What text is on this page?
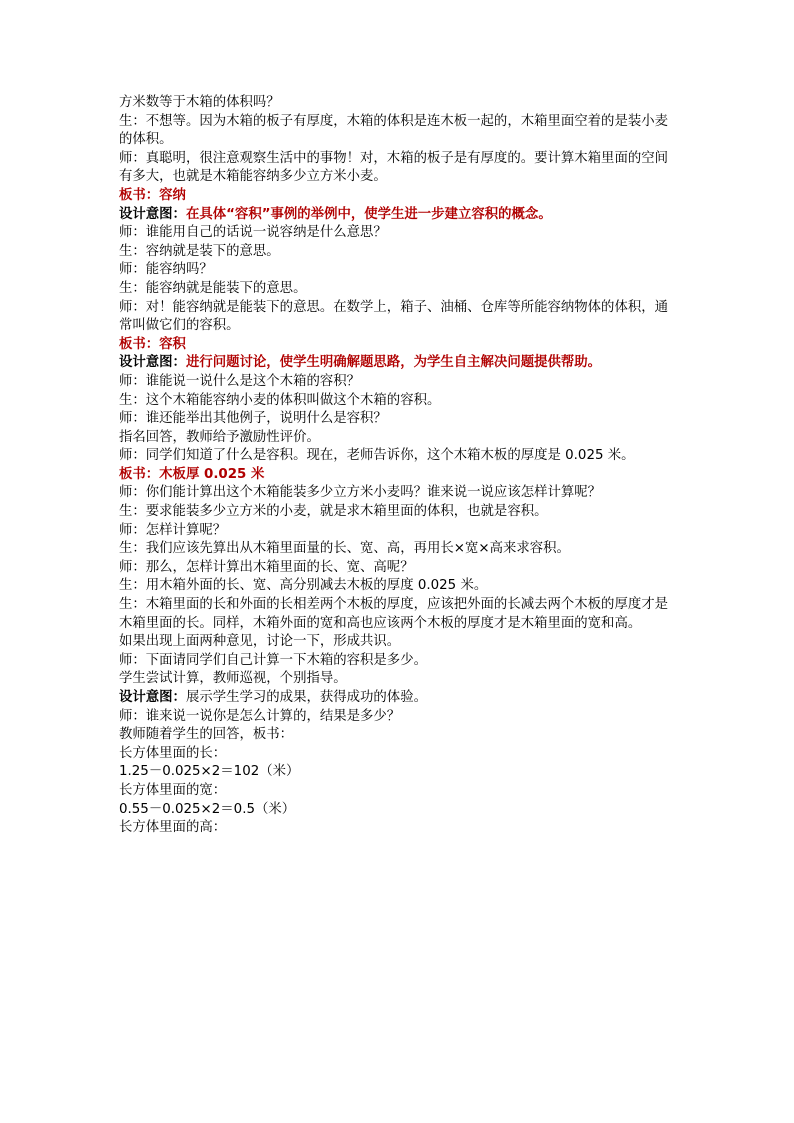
方米数等于木箱的体积吗？

生：不想等。因为木箱的板子有厚度，木箱的体积是连木板一起的，木箱里面空着的是装小麦的体积。

师：真聪明，很注意观察生活中的事物！对，木箱的板子是有厚度的。要计算木箱里面的空间有多大，也就是木箱能容纳多少立方米小麦。

板书：容纳

设计意图：在具体“容积”事例的举例中，使学生进一步建立容积的概念。

师：谁能用自己的话说一说容纳是什么意思？

生：容纳就是装下的意思。

师：能容纳吗？

生：能容纳就是能装下的意思。

师：对！能容纳就是能装下的意思。在数学上，箱子、油桶、仓库等所能容纳物体的体积，通常叫做它们的容积。

板书：容积

设计意图：进行问题讨论，使学生明确解题思路，为学生自主解决问题提供帮助。

师：谁能说一说什么是这个木箱的容积？

生：这个木箱能容纳小麦的体积叫做这个木箱的容积。

师：谁还能举出其他例子，说明什么是容积？

指名回答，教师给予激励性评价。

师：同学们知道了什么是容积。现在，老师告诉你，这个木箱木板的厚度是 0.025 米。

板书：木板厚 0.025 米

师：你们能计算出这个木箱能装多少立方米小麦吗？谁来说一说应该怎样计算呢？

生：要求能装多少立方米的小麦，就是求木箱里面的体积，也就是容积。

师：怎样计算呢？

生：我们应该先算出从木箱里面量的长、宽、高，再用长×宽×高来求容积。

师：那么，怎样计算出木箱里面的长、宽、高呢？

生：用木箱外面的长、宽、高分别减去木板的厚度 0.025 米。

生：木箱里面的长和外面的长相差两个木板的厚度，应该把外面的长减去两个木板的厚度才是木箱里面的长。同样，木箱外面的宽和高也应该两个木板的厚度才是木箱里面的宽和高。

如果出现上面两种意见，讨论一下，形成共识。

师：下面请同学们自己计算一下木箱的容积是多少。

学生尝试计算，教师巡视，个别指导。

设计意图：展示学生学习的成果，获得成功的体验。

师：谁来说一说你是怎么计算的，结果是多少？

教师随着学生的回答，板书：

长方体里面的长：

1.25－0.025×2＝102（米）

长方体里面的宽：

0.55－0.025×2＝0.5（米）

长方体里面的高：
